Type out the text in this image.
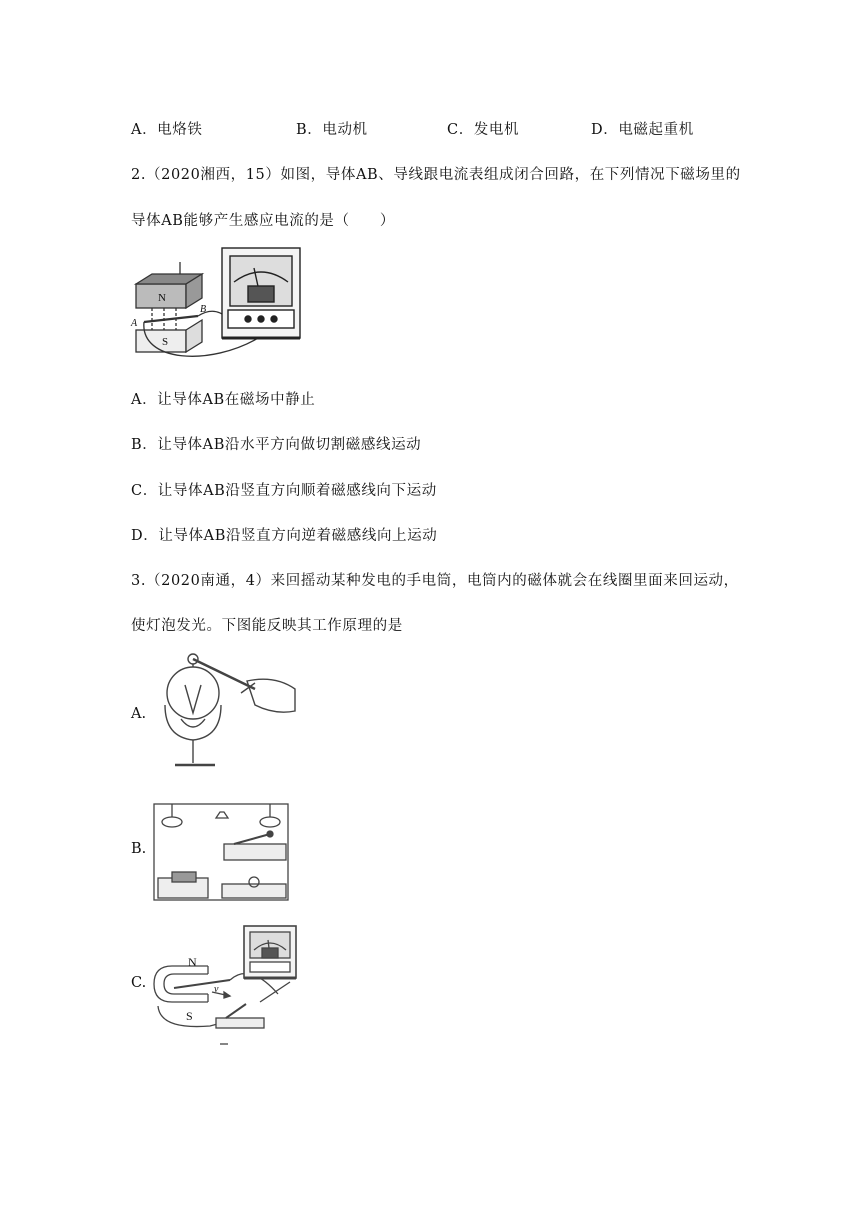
A．电烙铁	B．电动机	C．发电机	D．电磁起重机
2.（2020湘西，15）如图，导体AB、导线跟电流表组成闭合回路，在下列情况下磁场里的
导体AB能够产生感应电流的是（　　）
N
S
A
B
A．让导体AB在磁场中静止
B．让导体AB沿水平方向做切割磁感线运动
C．让导体AB沿竖直方向顺着磁感线向下运动
D．让导体AB沿竖直方向逆着磁感线向上运动
3.（2020南通，4）来回摇动某种发电的手电筒，电筒内的磁体就会在线圈里面来回运动，
使灯泡发光。下图能反映其工作原理的是
A.
B.
C.
N
S
v
